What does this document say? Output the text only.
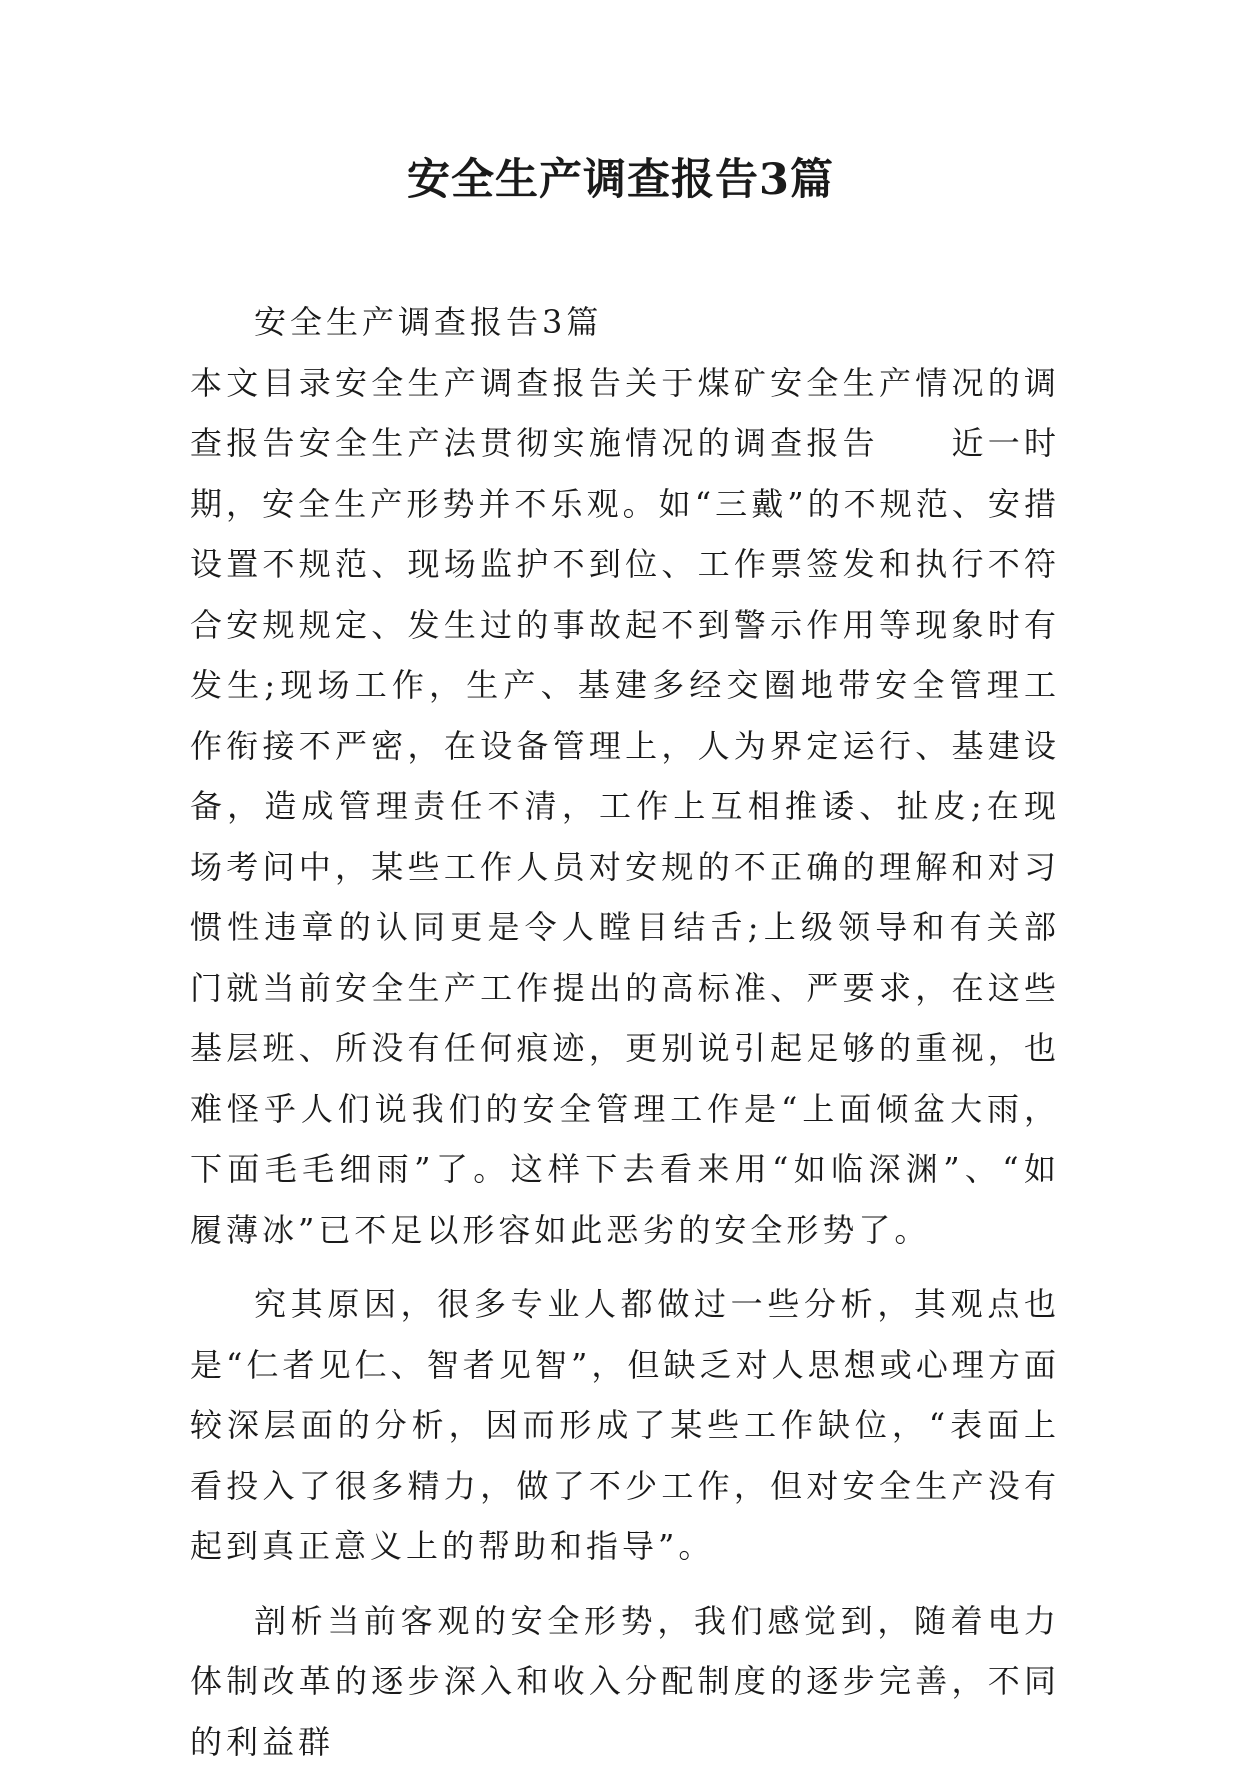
安全生产调查报告3篇

安全生产调查报告3篇

本文目录安全生产调查报告关于煤矿安全生产情况的调查报告安全生产法贯彻实施情况的调查报告　　近一时期，安全生产形势并不乐观。如“三戴”的不规范、安措设置不规范、现场监护不到位、工作票签发和执行不符合安规规定、发生过的事故起不到警示作用等现象时有发生;现场工作，生产、基建多经交圈地带安全管理工作衔接不严密，在设备管理上，人为界定运行、基建设备，造成管理责任不清，工作上互相推诿、扯皮;在现场考问中，某些工作人员对安规的不正确的理解和对习惯性违章的认同更是令人瞠目结舌;上级领导和有关部门就当前安全生产工作提出的高标准、严要求，在这些基层班、所没有任何痕迹，更别说引起足够的重视，也难怪乎人们说我们的安全管理工作是“上面倾盆大雨，下面毛毛细雨”了。这样下去看来用“如临深渊”、“如履薄冰”已不足以形容如此恶劣的安全形势了。

究其原因，很多专业人都做过一些分析，其观点也是“仁者见仁、智者见智”，但缺乏对人思想或心理方面较深层面的分析，因而形成了某些工作缺位，“表面上看投入了很多精力，做了不少工作，但对安全生产没有起到真正意义上的帮助和指导”。

剖析当前客观的安全形势，我们感觉到，随着电力体制改革的逐步深入和收入分配制度的逐步完善，不同的利益群
